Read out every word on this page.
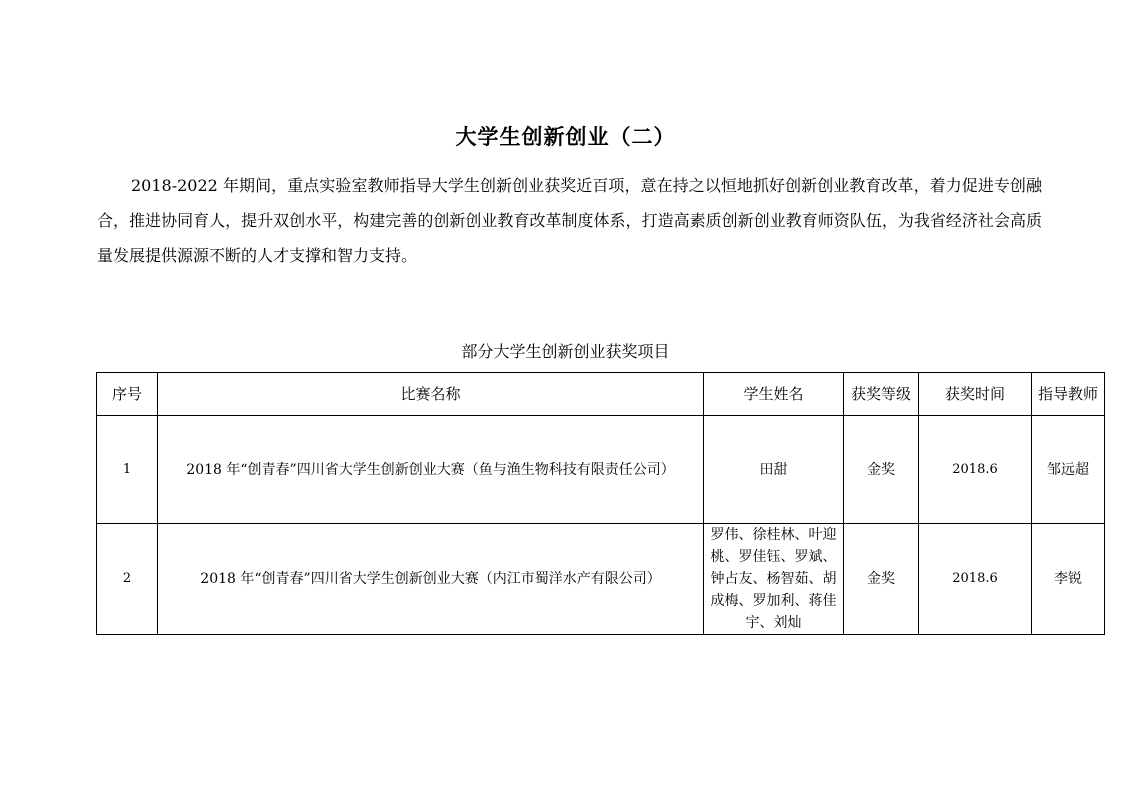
大学生创新创业（二）

2018-2022 年期间，重点实验室教师指导大学生创新创业获奖近百项，意在持之以恒地抓好创新创业教育改革，着力促进专创融合，推进协同育人，提升双创水平，构建完善的创新创业教育改革制度体系，打造高素质创新创业教育师资队伍，为我省经济社会高质量发展提供源源不断的人才支撑和智力支持。

部分大学生创新创业获奖项目
序号	比赛名称	学生姓名	获奖等级	获奖时间	指导教师
1	2018 年“创青春”四川省大学生创新创业大赛（鱼与渔生物科技有限责任公司）	田甜	金奖	2018.6	邹远超
2	2018 年“创青春”四川省大学生创新创业大赛（内江市蜀洋水产有限公司）	罗伟、徐桂林、叶迎桃、罗佳钰、罗斌、钟占友、杨智茹、胡成梅、罗加利、蒋佳宇、刘灿	金奖	2018.6	李锐
